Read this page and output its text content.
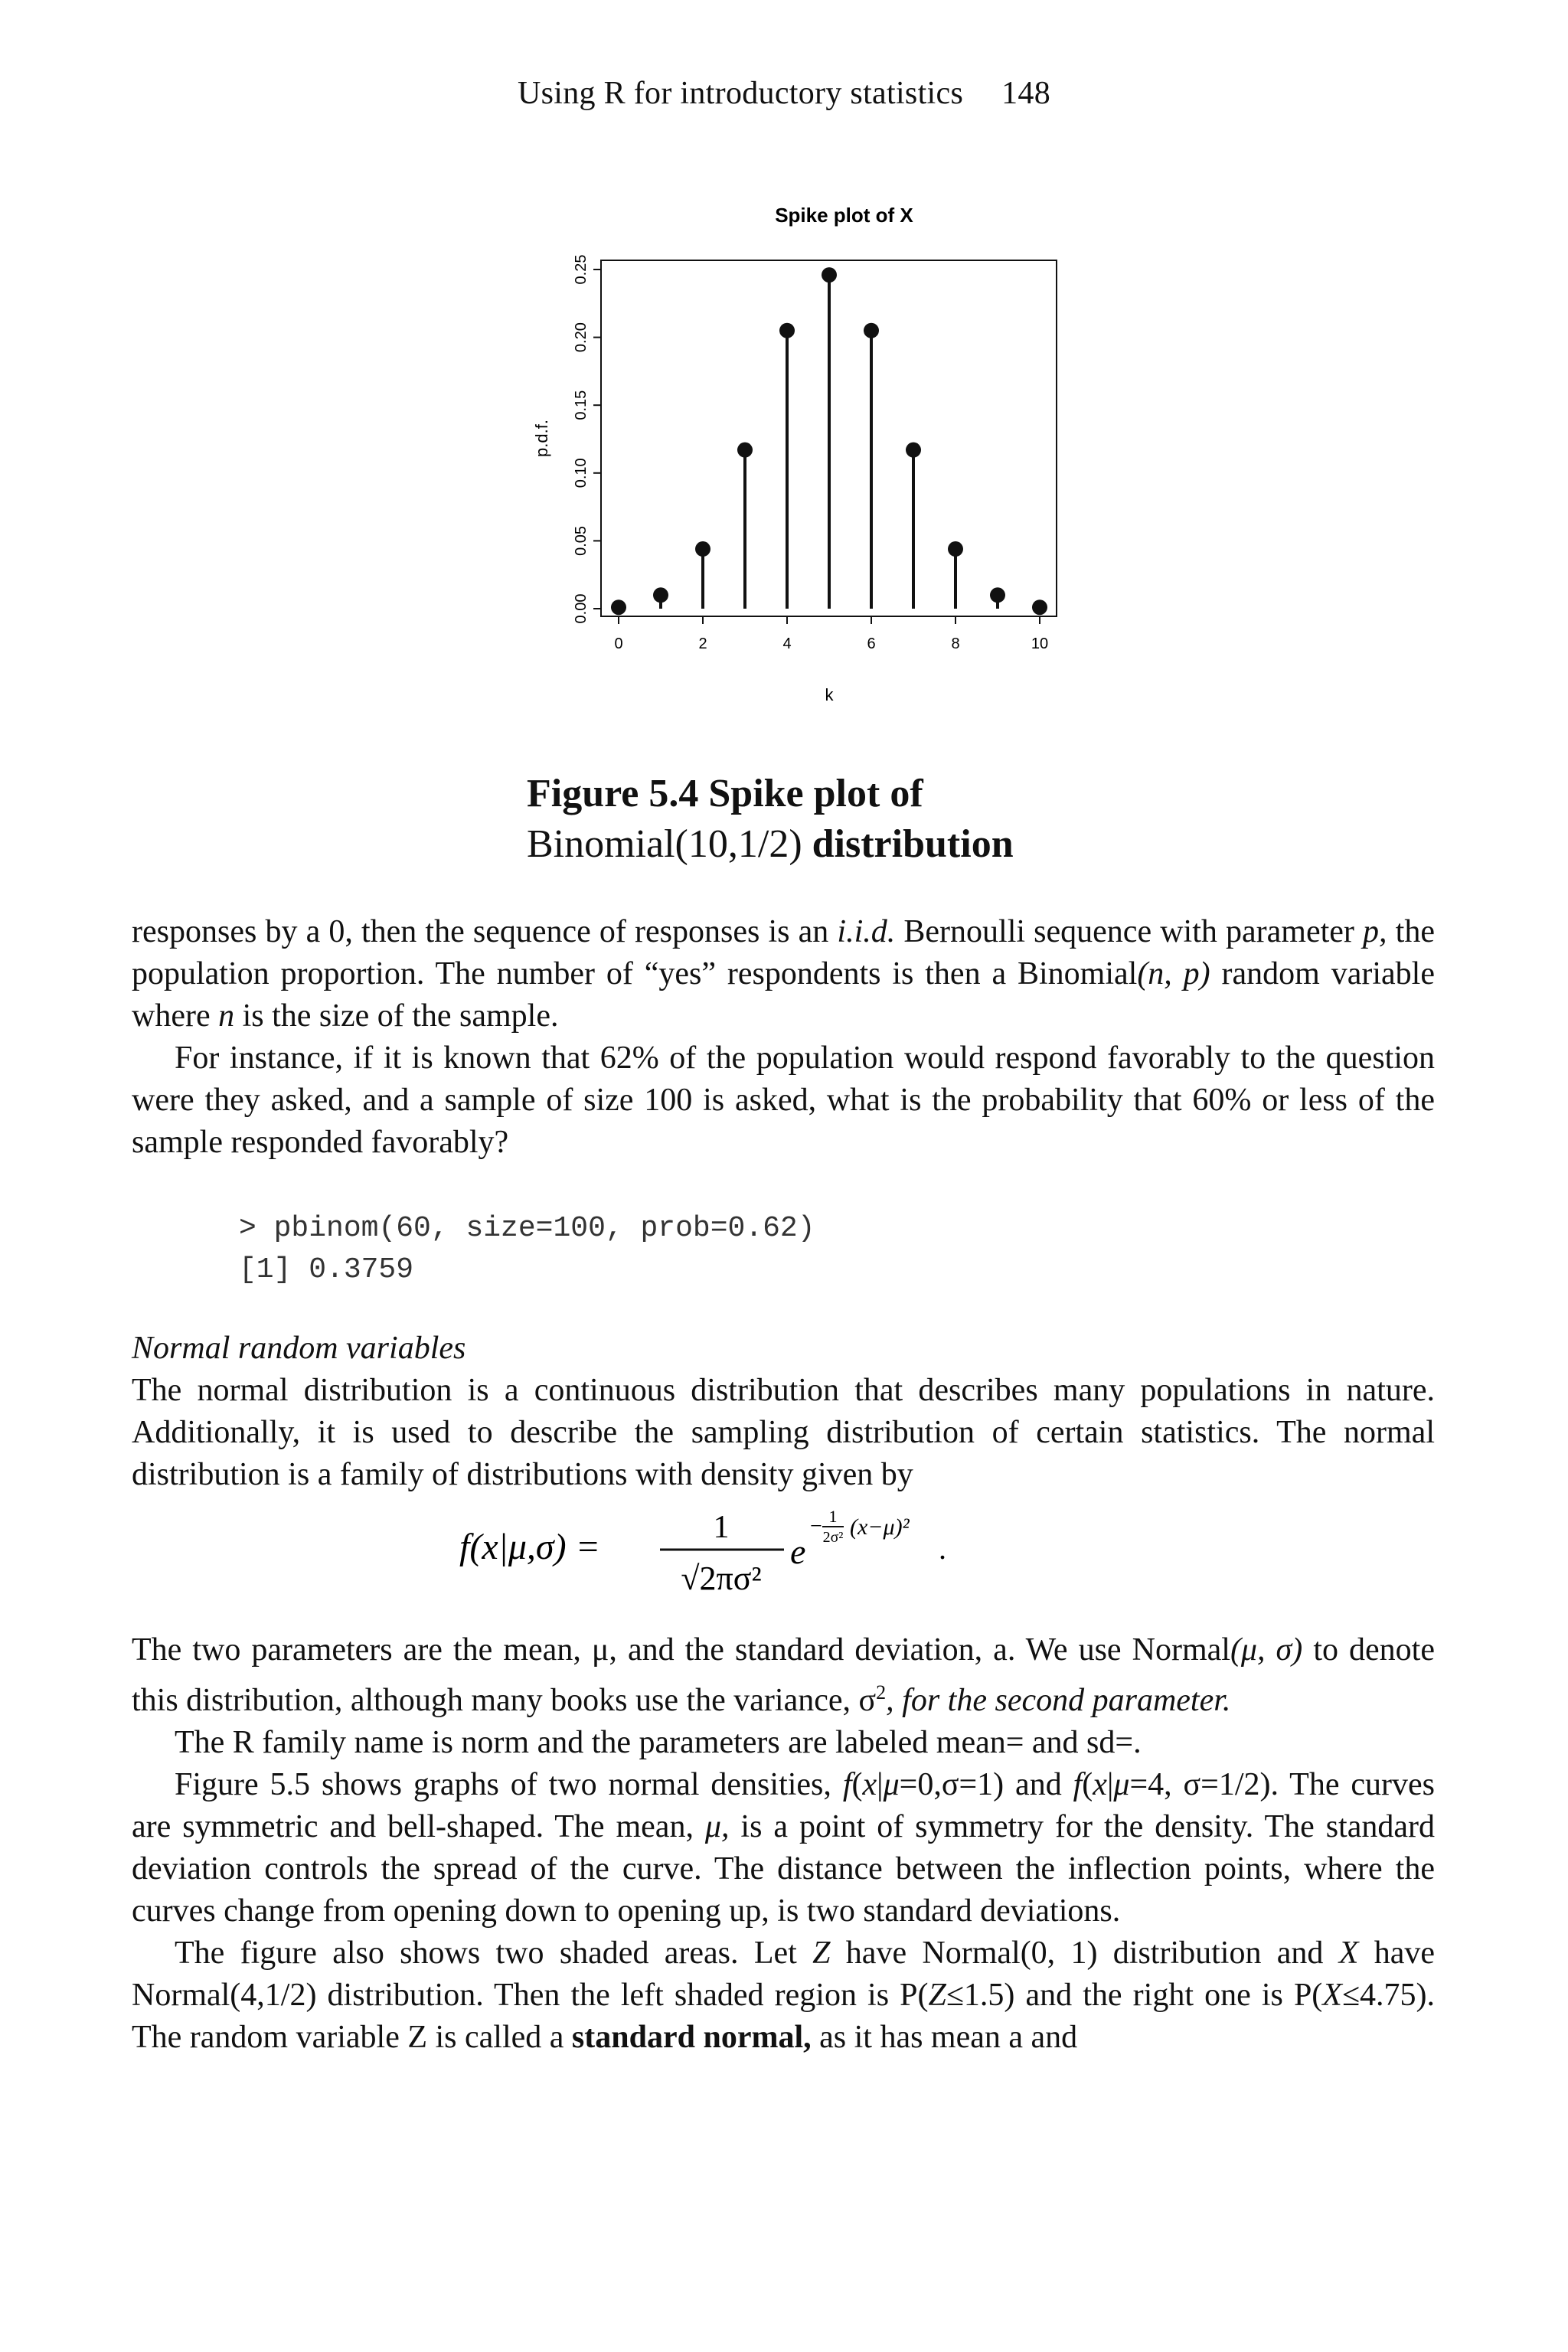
Using R for introductory statistics 148
Spike plot of X
0.00
0.05
0.10
0.15
0.20
0.25
p.d.f.
0	2	4	6	8	10
k
Figure 5.4 Spike plot of
Binomial(10,1/2) distribution

responses by a 0, then the sequence of responses is an i.i.d. Bernoulli sequence with parameter p, the population proportion. The number of “yes” respondents is then a Binomial(n, p) random variable where n is the size of the sample.

For instance, if it is known that 62% of the population would respond favorably to the question were they asked, and a sample of size 100 is asked, what is the probability that 60% or less of the sample responded favorably?

> pbinom(60, size=100, prob=0.62)
[1] 0.3759

Normal random variables

The normal distribution is a continuous distribution that describes many populations in nature. Additionally, it is used to describe the sampling distribution of certain statistics. The normal distribution is a family of distributions with density given by

f(x|μ,σ) =	1
√2πσ²
e
− 1
2σ² (x−μ)²
.

The two parameters are the mean, μ, and the standard deviation, a. We use Normal(μ, σ) to denote this distribution, although many books use the variance, $\sigma^2$, for the second parameter.

The R family name is norm and the parameters are labeled mean= and sd=.

Figure 5.5 shows graphs of two normal densities, f(x|μ=0,σ=1) and f(x|μ=4, σ=1/2). The curves are symmetric and bell-shaped. The mean, μ, is a point of symmetry for the density. The standard deviation controls the spread of the curve. The distance between the inflection points, where the curves change from opening down to opening up, is two standard deviations.

The figure also shows two shaded areas. Let Z have Normal(0, 1) distribution and X have Normal(4,1/2) distribution. Then the left shaded region is P(Z≤1.5) and the right one is P(X≤4.75). The random variable Z is called a standard normal, as it has mean a and
